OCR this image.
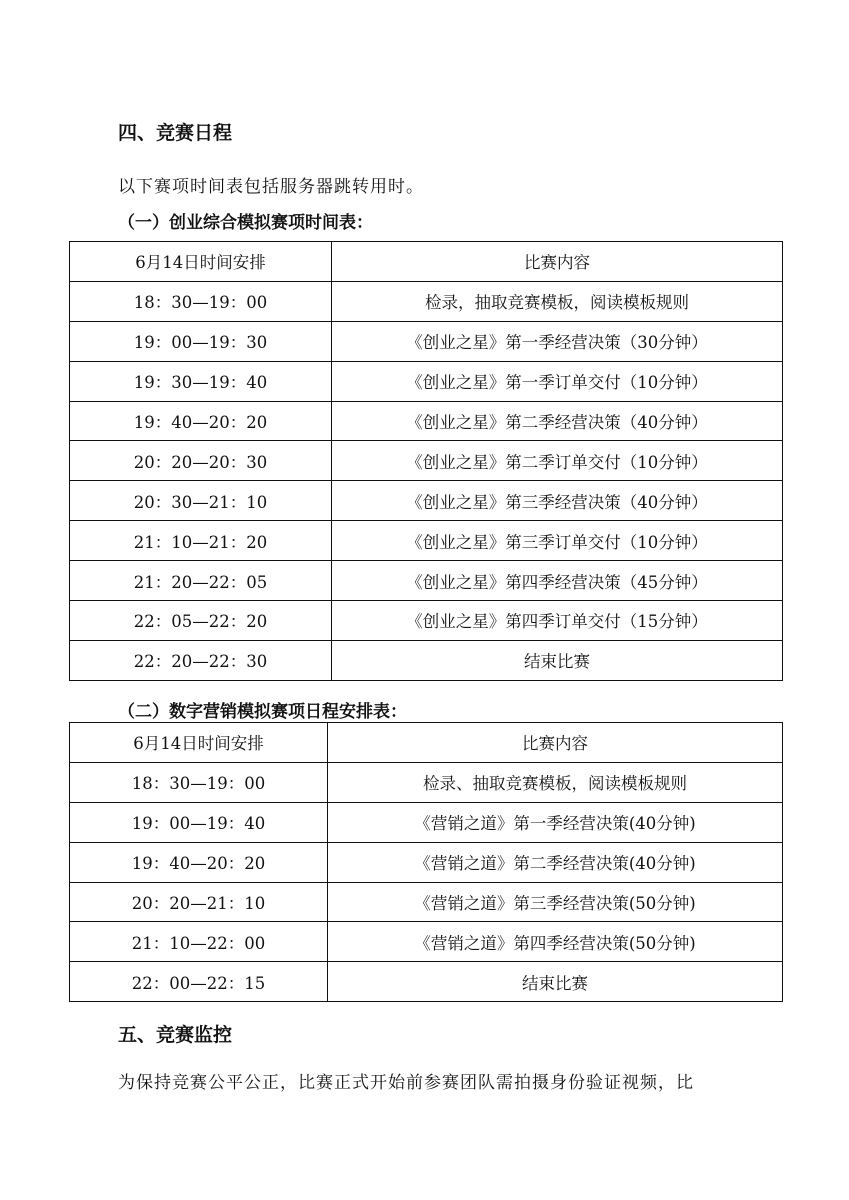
四、竞赛日程

以下赛项时间表包括服务器跳转用时。

（一）创业综合模拟赛项时间表：

6月14日时间安排	比赛内容
18：30—19：00	检录，抽取竞赛模板，阅读模板规则
19：00—19：30	《创业之星》第一季经营决策（30分钟）
19：30—19：40	《创业之星》第一季订单交付（10分钟）
19：40—20：20	《创业之星》第二季经营决策（40分钟）
20：20—20：30	《创业之星》第二季订单交付（10分钟）
20：30—21：10	《创业之星》第三季经营决策（40分钟）
21：10—21：20	《创业之星》第三季订单交付（10分钟）
21：20—22：05	《创业之星》第四季经营决策（45分钟）
22：05—22：20	《创业之星》第四季订单交付（15分钟）
22：20—22：30	结束比赛

（二）数字营销模拟赛项日程安排表：

6月14日时间安排	比赛内容
18：30—19：00	检录、抽取竞赛模板，阅读模板规则
19：00—19：40	《营销之道》第一季经营决策(40分钟)
19：40—20：20	《营销之道》第二季经营决策(40分钟)
20：20—21：10	《营销之道》第三季经营决策(50分钟)
21：10—22：00	《营销之道》第四季经营决策(50分钟)
22：00—22：15	结束比赛
五、竞赛监控

为保持竞赛公平公正，比赛正式开始前参赛团队需拍摄身份验证视频，比
